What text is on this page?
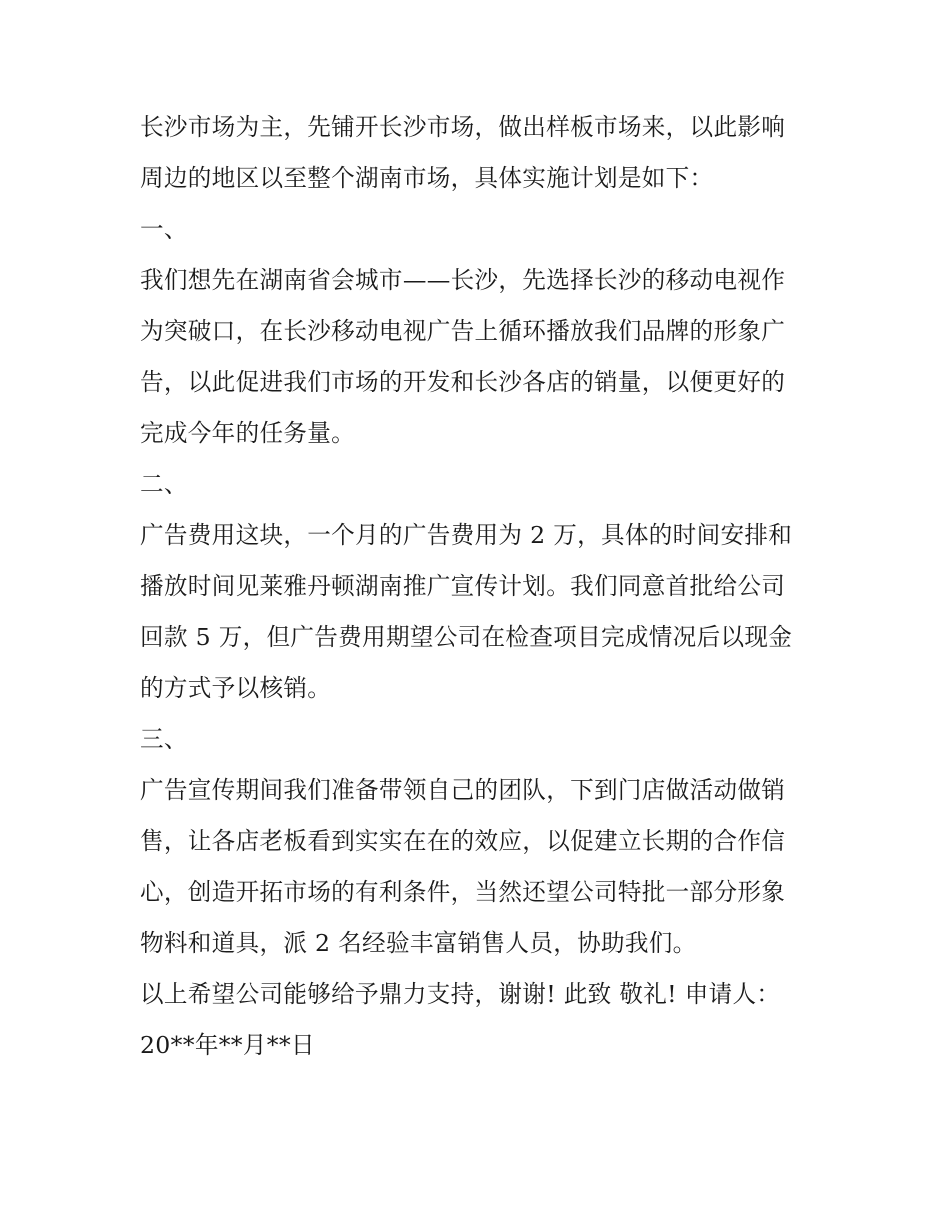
长沙市场为主，先铺开长沙市场，做出样板市场来，以此影响
周边的地区以至整个湖南市场，具体实施计划是如下：
一、
我们想先在湖南省会城市——长沙，先选择长沙的移动电视作
为突破口，在长沙移动电视广告上循环播放我们品牌的形象广
告，以此促进我们市场的开发和长沙各店的销量，以便更好的
完成今年的任务量。
二、
广告费用这块，一个月的广告费用为 2 万，具体的时间安排和
播放时间见莱雅丹顿湖南推广宣传计划。我们同意首批给公司
回款 5 万，但广告费用期望公司在检查项目完成情况后以现金
的方式予以核销。
三、
广告宣传期间我们准备带领自己的团队，下到门店做活动做销
售，让各店老板看到实实在在的效应，以促建立长期的合作信
心，创造开拓市场的有利条件，当然还望公司特批一部分形象
物料和道具，派 2 名经验丰富销售人员，协助我们。
以上希望公司能够给予鼎力支持，谢谢! 此致 敬礼! 申请人：
20**年**月**日
